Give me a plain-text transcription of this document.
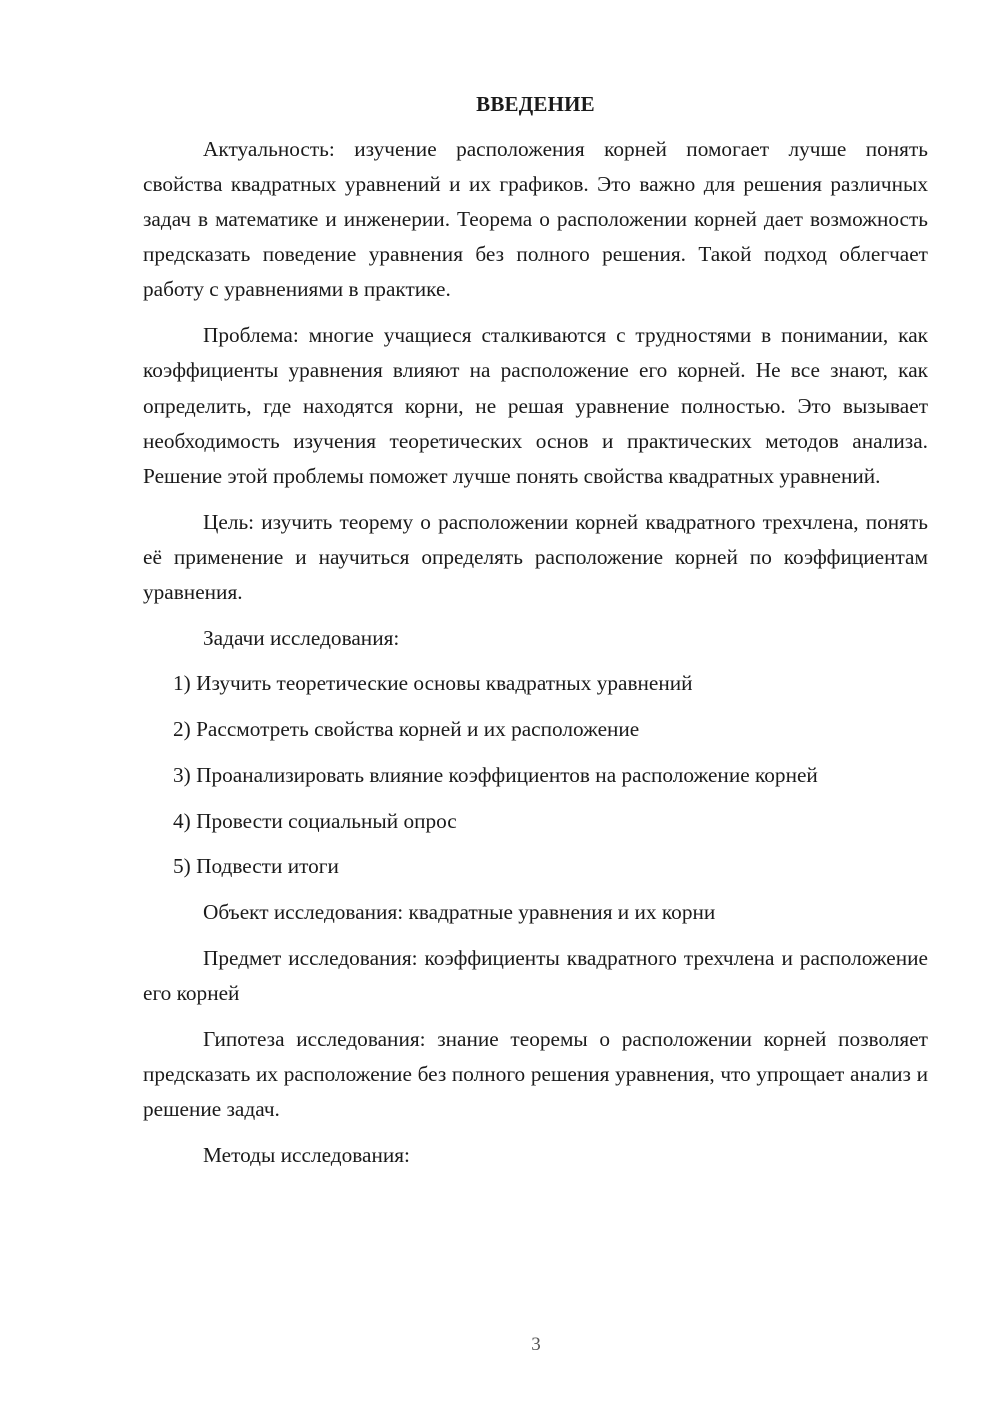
ВВЕДЕНИЕ

Актуальность: изучение расположения корней помогает лучше понять свойства квадратных уравнений и их графиков. Это важно для решения различных задач в математике и инженерии. Теорема о расположении корней дает возможность предсказать поведение уравнения без полного решения. Такой подход облегчает работу с уравнениями в практике.

Проблема: многие учащиеся сталкиваются с трудностями в понимании, как коэффициенты уравнения влияют на расположение его корней. Не все знают, как определить, где находятся корни, не решая уравнение полностью. Это вызывает необходимость изучения теоретических основ и практических методов анализа. Решение этой проблемы поможет лучше понять свойства квадратных уравнений.

Цель: изучить теорему о расположении корней квадратного трехчлена, понять её применение и научиться определять расположение корней по коэффициентам уравнения.

Задачи исследования:

1) Изучить теоретические основы квадратных уравнений

2) Рассмотреть свойства корней и их расположение

3) Проанализировать влияние коэффициентов на расположение корней

4) Провести социальный опрос

5) Подвести итоги

Объект исследования: квадратные уравнения и их корни

Предмет исследования: коэффициенты квадратного трехчлена и расположение его корней

Гипотеза исследования: знание теоремы о расположении корней позволяет предсказать их расположение без полного решения уравнения, что упрощает анализ и решение задач.

Методы исследования:

3
